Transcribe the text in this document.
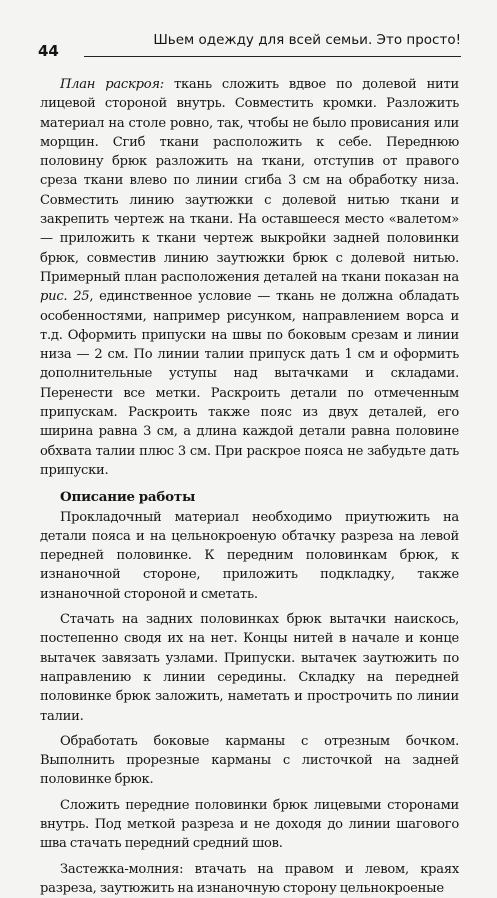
44
Шьем одежду для всей семьи. Это просто!

План раскроя: ткань сложить вдвое по долевой нити лицевой стороной внутрь. Совместить кромки. Разложить материал на столе ровно, так, чтобы не было провисания или морщин. Сгиб ткани расположить к себе. Переднюю половину брюк разложить на ткани, отступив от правого среза ткани влево по линии сгиба 3 см на обработку низа. Совместить линию заутюжки с долевой нитью ткани и закрепить чертеж на ткани. На оставшееся место «валетом» — приложить к ткани чертеж выкройки задней половинки брюк, совместив линию заутюжки брюк с долевой нитью. Примерный план расположения деталей на ткани показан на рис. 25, единственное условие — ткань не должна обладать особенностями, например рисунком, направлением ворса и т.д. Оформить припуски на швы по боковым срезам и линии низа — 2 см. По линии талии припуск дать 1 см и оформить дополнительные уступы над вытачками и складами. Перенести все метки. Раскроить детали по отмеченным припускам. Раскроить также пояс из двух деталей, его ширина равна 3 см, а длина каждой детали равна половине обхвата талии плюс 3 см. При раскрое пояса не забудьте дать припуски.

Описание работы

Прокладочный материал необходимо приутюжить на детали пояса и на цельнокроеную обтачку разреза на левой передней половинке. К передним половинкам брюк, к изнаночной стороне, приложить подкладку, также изнаночной стороной и сметать.

Стачать на задних половинках брюк вытачки наискось, постепенно сводя их на нет. Концы нитей в начале и конце вытачек завязать узлами. Припуски. вытачек заутюжить по направлению к линии середины. Складку на передней половинке брюк заложить, наметать и простpочить по линии талии.

Обработать боковые карманы с отрезным бочком. Выполнить прорезные карманы с листочкой на задней половинке брюк.

Сложить передние половинки брюк лицевыми сторонами внутрь. Под меткой разреза и не доходя до линии шагового шва стачать передний средний шов.

Застежка-молния: втачать на правом и левом, краях разреза, заутюжить на изнаночную сторону цельнокроеные
